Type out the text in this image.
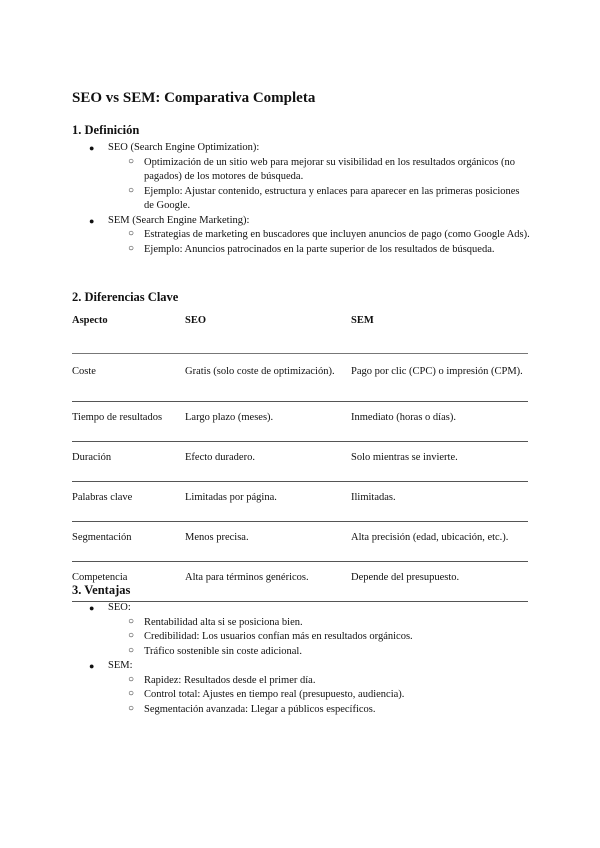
SEO vs SEM: Comparativa Completa
1. Definición
● SEO (Search Engine Optimization):
○ Optimización de un sitio web para mejorar su visibilidad en los resultados orgánicos (no pagados) de los motores de búsqueda.
○ Ejemplo: Ajustar contenido, estructura y enlaces para aparecer en las primeras posiciones de Google.
● SEM (Search Engine Marketing):
○ Estrategias de marketing en buscadores que incluyen anuncios de pago (como Google Ads).
○ Ejemplo: Anuncios patrocinados en la parte superior de los resultados de búsqueda.
2. Diferencias Clave
Aspecto	SEO	SEM
Coste	Gratis (solo coste de optimización).	Pago por clic (CPC) o impresión (CPM).
Tiempo de resultados	Largo plazo (meses).	Inmediato (horas o días).
Duración	Efecto duradero.	Solo mientras se invierte.
Palabras clave	Limitadas por página.	Ilimitadas.
Segmentación	Menos precisa.	Alta precisión (edad, ubicación, etc.).
Competencia	Alta para términos genéricos.	Depende del presupuesto.
3. Ventajas
● SEO:
○ Rentabilidad alta si se posiciona bien.
○ Credibilidad: Los usuarios confían más en resultados orgánicos.
○ Tráfico sostenible sin coste adicional.
● SEM:
○ Rapidez: Resultados desde el primer día.
○ Control total: Ajustes en tiempo real (presupuesto, audiencia).
○ Segmentación avanzada: Llegar a públicos específicos.
